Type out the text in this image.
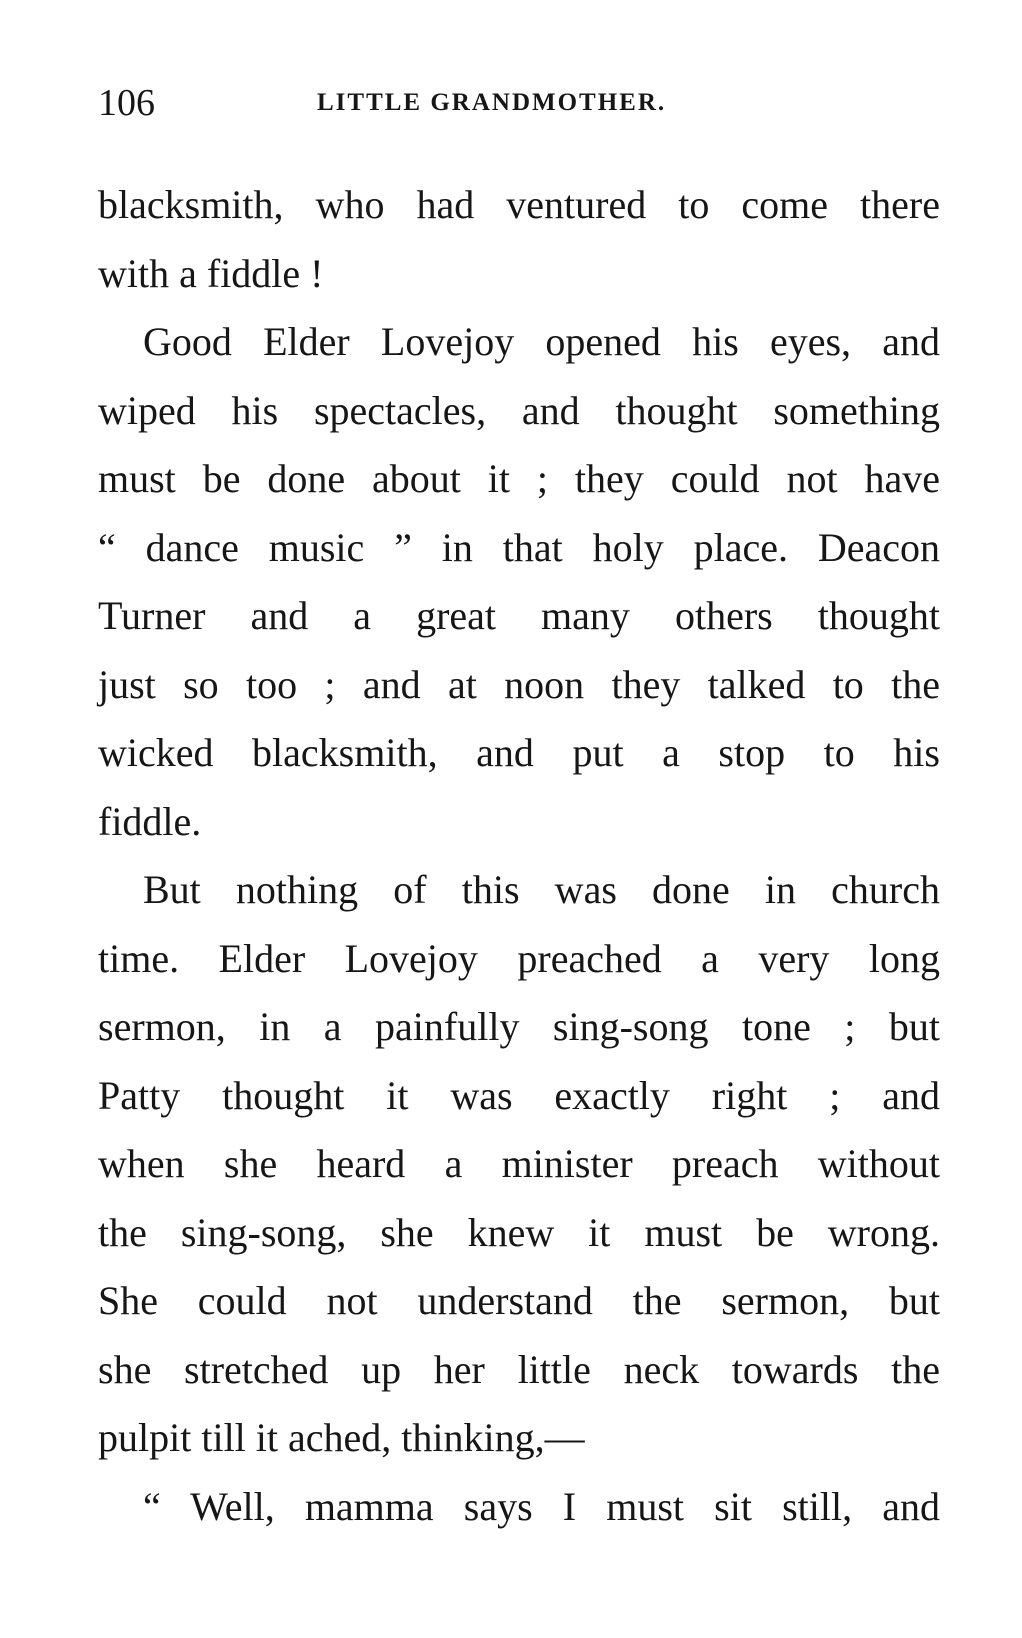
106	LITTLE GRANDMOTHER.
blacksmith, who had ventured to come there
with a fiddle !
Good Elder Lovejoy opened his eyes, and
wiped his spectacles, and thought something
must be done about it ; they could not have
“ dance music ” in that holy place. Deacon
Turner and a great many others thought
just so too ; and at noon they talked to the
wicked blacksmith, and put a stop to his
fiddle.
But nothing of this was done in church
time. Elder Lovejoy preached a very long
sermon, in a painfully sing-song tone ; but
Patty thought it was exactly right ; and
when she heard a minister preach without
the sing-song, she knew it must be wrong.
She could not understand the sermon, but
she stretched up her little neck towards the
pulpit till it ached, thinking,—
“ Well, mamma says I must sit still, and
